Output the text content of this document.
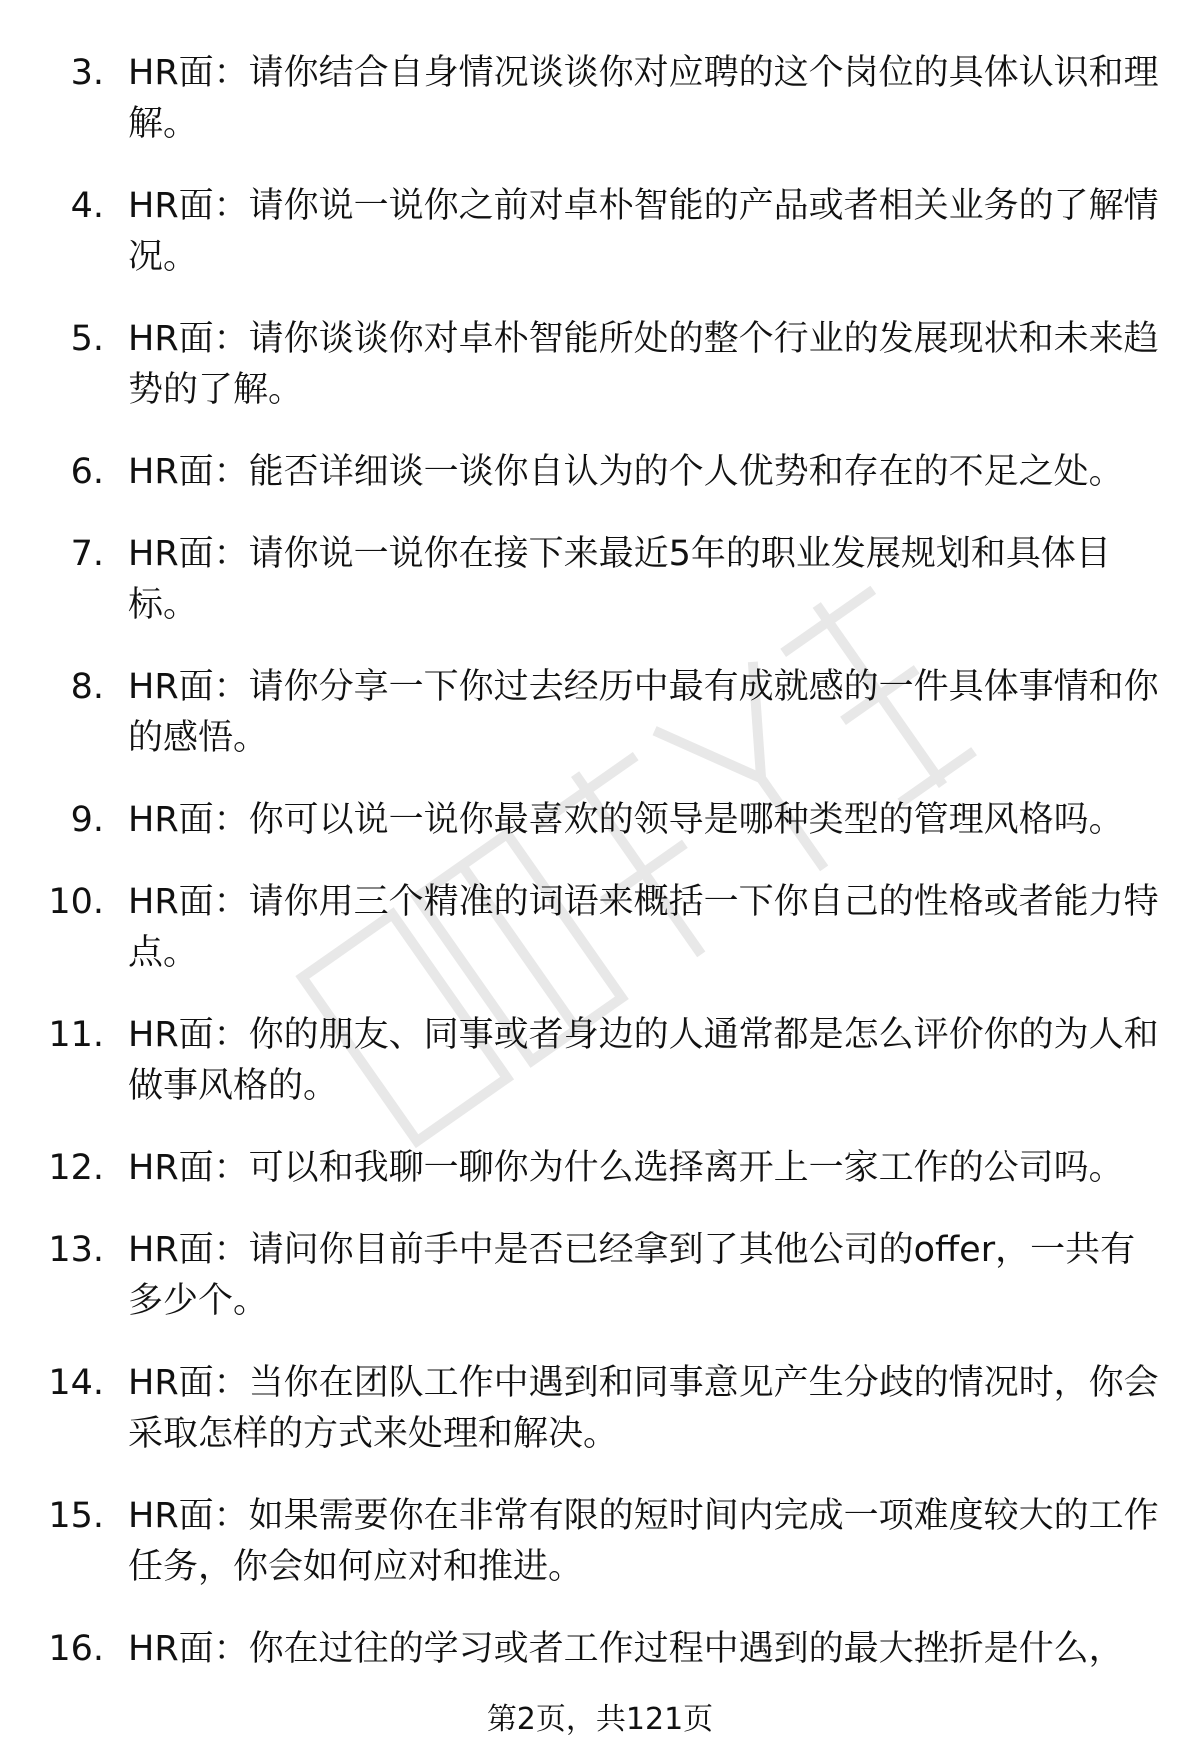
3. HR面：请你结合自身情况谈谈你对应聘的这个岗位的具体认识和理解。
4. HR面：请你说一说你之前对卓朴智能的产品或者相关业务的了解情况。
5. HR面：请你谈谈你对卓朴智能所处的整个行业的发展现状和未来趋势的了解。
6. HR面：能否详细谈一谈你自认为的个人优势和存在的不足之处。
7. HR面：请你说一说你在接下来最近5年的职业发展规划和具体目标。
8. HR面：请你分享一下你过去经历中最有成就感的一件具体事情和你的感悟。
9. HR面：你可以说一说你最喜欢的领导是哪种类型的管理风格吗。
10. HR面：请你用三个精准的词语来概括一下你自己的性格或者能力特点。
11. HR面：你的朋友、同事或者身边的人通常都是怎么评价你的为人和做事风格的。
12. HR面：可以和我聊一聊你为什么选择离开上一家工作的公司吗。
13. HR面：请问你目前手中是否已经拿到了其他公司的offer，一共有多少个。
14. HR面：当你在团队工作中遇到和同事意见产生分歧的情况时，你会采取怎样的方式来处理和解决。
15. HR面：如果需要你在非常有限的短时间内完成一项难度较大的工作任务，你会如何应对和推进。
16. HR面：你在过往的学习或者工作过程中遇到的最大挫折是什么，
第2页，共121页
